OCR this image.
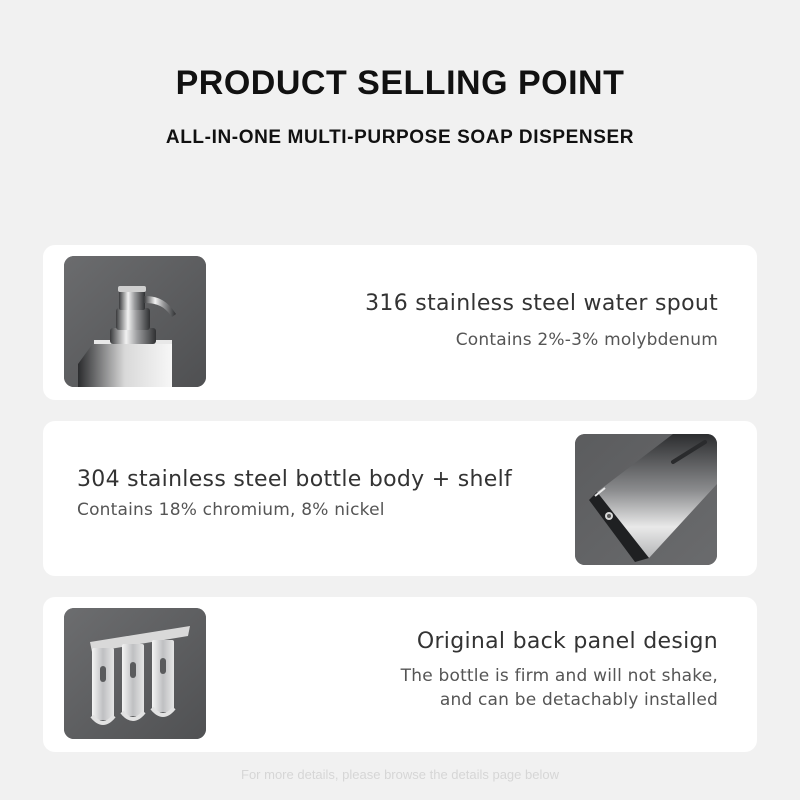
PRODUCT SELLING POINT
ALL-IN-ONE MULTI-PURPOSE SOAP DISPENSER
316 stainless steel water spout
Contains 2%-3% molybdenum
304 stainless steel bottle body + shelf
Contains 18% chromium, 8% nickel
Original back panel design
The bottle is firm and will not shake,
and can be detachably installed
For more details, please browse the details page below
